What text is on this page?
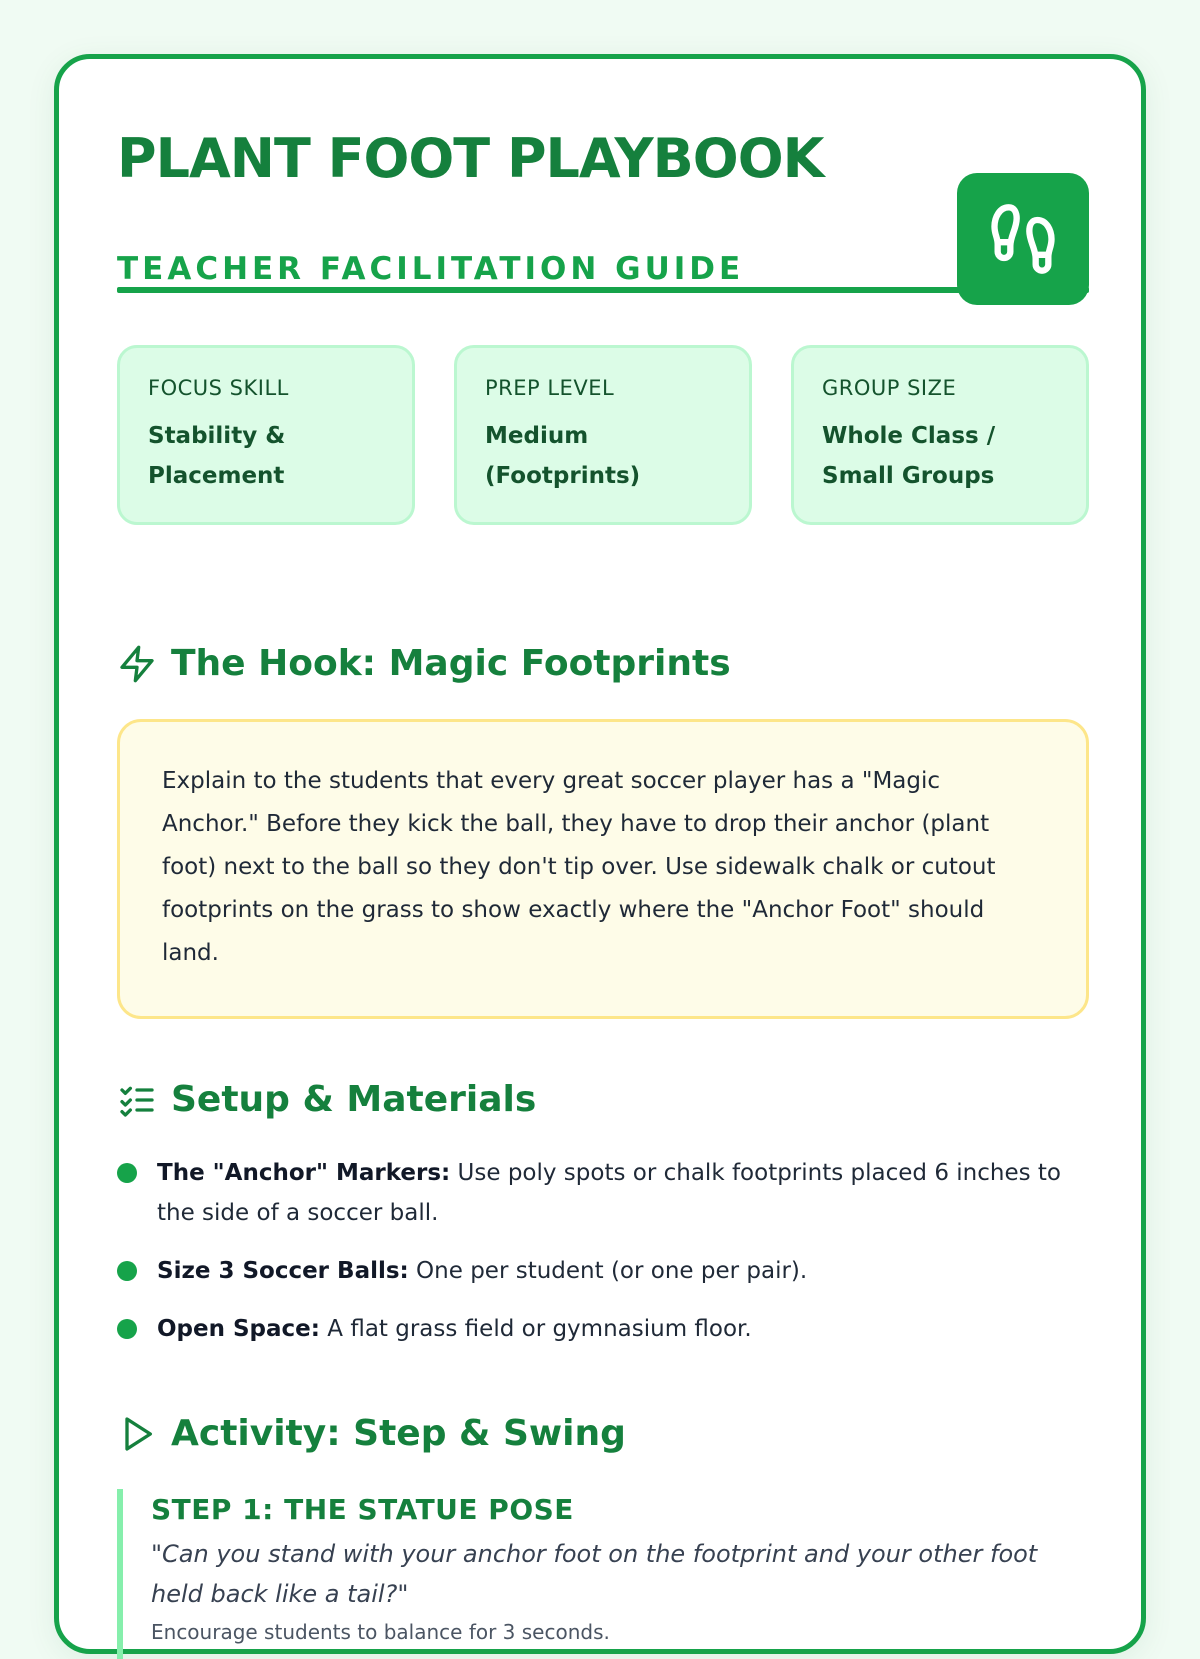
PLANT FOOT PLAYBOOK
TEACHER FACILITATION GUIDE
FOCUS SKILL
Stability & Placement
PREP LEVEL
Medium (Footprints)
GROUP SIZE
Whole Class / Small Groups
The Hook: Magic Footprints

Explain to the students that every great soccer player has a "Magic Anchor." Before they kick the ball, they have to drop their anchor (plant foot) next to the ball so they don't tip over. Use sidewalk chalk or cutout footprints on the grass to show exactly where the "Anchor Foot" should land.

Setup & Materials
The "Anchor" Markers: Use poly spots or chalk footprints placed 6 inches to the side of a soccer ball.
Size 3 Soccer Balls: One per student (or one per pair).
Open Space: A flat grass field or gymnasium floor.
Activity: Step & Swing
STEP 1: THE STATUE POSE
"Can you stand with your anchor foot on the footprint and your other foot held back like a tail?"
Encourage students to balance for 3 seconds.
